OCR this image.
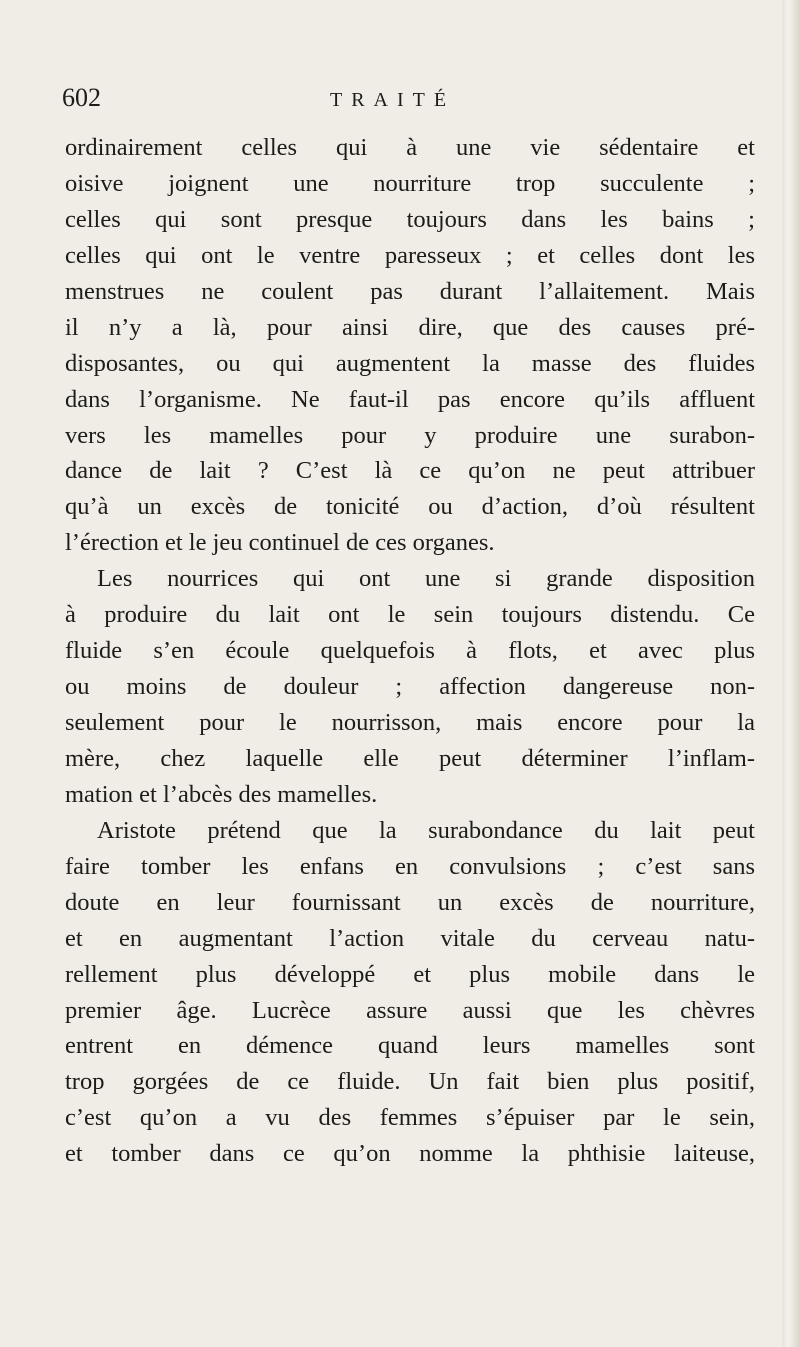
602	TRAITÉ
ordinairement celles qui à une vie sédentaire et
oisive joignent une nourriture trop succulente ;
celles qui sont presque toujours dans les bains ;
celles qui ont le ventre paresseux ; et celles dont les
menstrues ne coulent pas durant l’allaitement. Mais
il n’y a là, pour ainsi dire, que des causes pré-
disposantes, ou qui augmentent la masse des fluides
dans l’organisme. Ne faut-il pas encore qu’ils affluent
vers les mamelles pour y produire une surabon-
dance de lait ? C’est là ce qu’on ne peut attribuer
qu’à un excès de tonicité ou d’action, d’où résultent
l’érection et le jeu continuel de ces organes.
Les nourrices qui ont une si grande disposition
à produire du lait ont le sein toujours distendu. Ce
fluide s’en écoule quelquefois à flots, et avec plus
ou moins de douleur ; affection dangereuse non-
seulement pour le nourrisson, mais encore pour la
mère, chez laquelle elle peut déterminer l’inflam-
mation et l’abcès des mamelles.
Aristote prétend que la surabondance du lait peut
faire tomber les enfans en convulsions ; c’est sans
doute en leur fournissant un excès de nourriture,
et en augmentant l’action vitale du cerveau natu-
rellement plus développé et plus mobile dans le
premier âge. Lucrèce assure aussi que les chèvres
entrent en démence quand leurs mamelles sont
trop gorgées de ce fluide. Un fait bien plus positif,
c’est qu’on a vu des femmes s’épuiser par le sein,
et tomber dans ce qu’on nomme la phthisie laiteuse,
